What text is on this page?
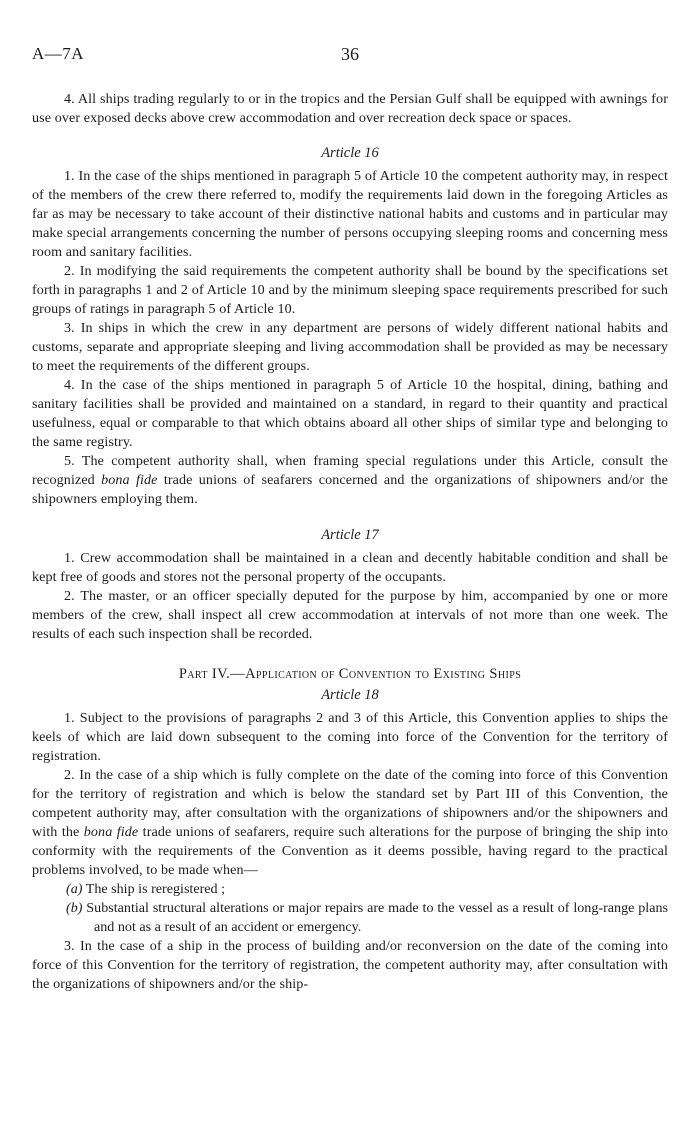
A—7A	36

4. All ships trading regularly to or in the tropics and the Persian Gulf shall be equipped with awnings for use over exposed decks above crew accommodation and over recreation deck space or spaces.

Article 16

1. In the case of the ships mentioned in paragraph 5 of Article 10 the competent authority may, in respect of the members of the crew there referred to, modify the requirements laid down in the foregoing Articles as far as may be necessary to take account of their distinctive national habits and customs and in particular may make special arrangements concerning the number of persons occupying sleeping rooms and concerning mess room and sanitary facilities.

2. In modifying the said requirements the competent authority shall be bound by the specifications set forth in paragraphs 1 and 2 of Article 10 and by the minimum sleeping space requirements prescribed for such groups of ratings in paragraph 5 of Article 10.

3. In ships in which the crew in any department are persons of widely different national habits and customs, separate and appropriate sleeping and living accommodation shall be provided as may be necessary to meet the requirements of the different groups.

4. In the case of the ships mentioned in paragraph 5 of Article 10 the hospital, dining, bathing and sanitary facilities shall be provided and maintained on a standard, in regard to their quantity and practical usefulness, equal or comparable to that which obtains aboard all other ships of similar type and belonging to the same registry.

5. The competent authority shall, when framing special regulations under this Article, consult the recognized bona fide trade unions of seafarers concerned and the organizations of shipowners and/or the shipowners employing them.

Article 17

1. Crew accommodation shall be maintained in a clean and decently habitable condition and shall be kept free of goods and stores not the personal property of the occupants.

2. The master, or an officer specially deputed for the purpose by him, accompanied by one or more members of the crew, shall inspect all crew accommodation at intervals of not more than one week. The results of each such inspection shall be recorded.

Part IV.—Application of Convention to Existing Ships
Article 18

1. Subject to the provisions of paragraphs 2 and 3 of this Article, this Convention applies to ships the keels of which are laid down subsequent to the coming into force of the Convention for the territory of registration.

2. In the case of a ship which is fully complete on the date of the coming into force of this Convention for the territory of registration and which is below the standard set by Part III of this Convention, the competent authority may, after consultation with the organizations of shipowners and/or the shipowners and with the bona fide trade unions of seafarers, require such alterations for the purpose of bringing the ship into conformity with the requirements of the Convention as it deems possible, having regard to the practical problems involved, to be made when—

(a) The ship is reregistered ;
(b) Substantial structural alterations or major repairs are made to the vessel as a result of long-range plans and not as a result of an accident or emergency.

3. In the case of a ship in the process of building and/or reconversion on the date of the coming into force of this Convention for the territory of registration, the competent authority may, after consultation with the organizations of shipowners and/or the ship-
